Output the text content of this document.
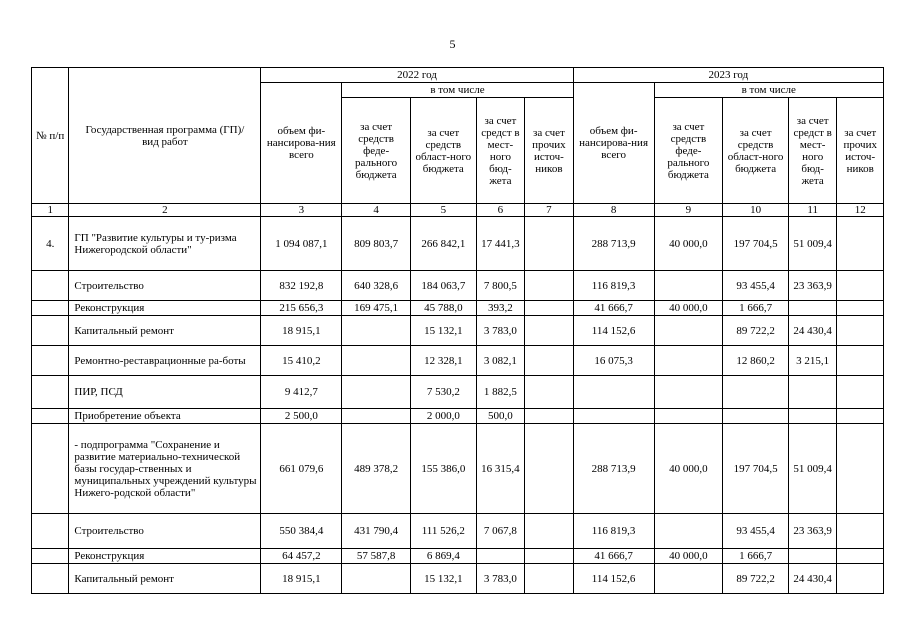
5
№ п/п	Государственная программа (ГП)/ вид работ	2022 год					2023 год				
		объем фи-нансирова-ния всего	в том числе				объем фи-нансирова-ния всего	в том числе			
			за счет средств феде-рального бюджета	за счет средств област-ного бюджета	за счет средст в мест-ного бюд-жета	за счет прочих источ-ников		за счет средств феде-рального бюджета	за счет средств област-ного бюджета	за счет средст в мест-ного бюд-жета	за счет прочих источ-ников
1	2	3	4	5	6	7	8	9	10	11	12
4.	ГП "Развитие культуры и ту-ризма Нижегородской области"	1 094 087,1	809 803,7	266 842,1	17 441,3		288 713,9	40 000,0	197 704,5	51 009,4	
	Строительство	832 192,8	640 328,6	184 063,7	7 800,5		116 819,3		93 455,4	23 363,9	
	Реконструкция	215 656,3	169 475,1	45 788,0	393,2		41 666,7	40 000,0	1 666,7		
	Капитальный ремонт	18 915,1		15 132,1	3 783,0		114 152,6		89 722,2	24 430,4	
	Ремонтно-реставрационные ра-боты	15 410,2		12 328,1	3 082,1		16 075,3		12 860,2	3 215,1	
	ПИР, ПСД	9 412,7		7 530,2	1 882,5						
	Приобретение объекта	2 500,0		2 000,0	500,0						
	- подпрограмма "Сохранение и развитие материально-технической базы государ-ственных и муниципальных учреждений культуры Нижего-родской области"	661 079,6	489 378,2	155 386,0	16 315,4		288 713,9	40 000,0	197 704,5	51 009,4	
	Строительство	550 384,4	431 790,4	111 526,2	7 067,8		116 819,3		93 455,4	23 363,9	
	Реконструкция	64 457,2	57 587,8	6 869,4			41 666,7	40 000,0	1 666,7		
	Капитальный ремонт	18 915,1		15 132,1	3 783,0		114 152,6		89 722,2	24 430,4	
